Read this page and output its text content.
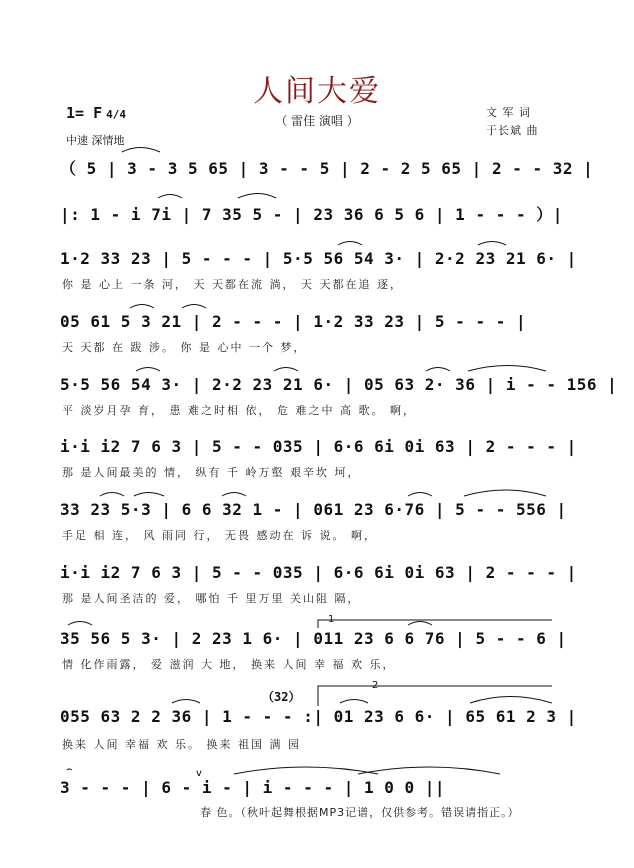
人间大爱
（ 雷佳 演唱 ）
1= F 4/4
中速 深情地
文 军 词
于长斌 曲
（ 5 | 3 - 3 5 65 | 3 - - 5 | 2 - 2 5 65 | 2 - - 32 |
|: 1 - i 7i | 7 35 5 - | 23 36 6 5 6 | 1 - - - ）|
1·2 33 23 | 5 - - - | 5·5 56 54 3· | 2·2 23 21 6· |
你 是 心上 一条 河， 天 天都在流 淌， 天 天都在追 逐，
05 61 5 3 21 | 2 - - - | 1·2 33 23 | 5 - - - |
天 天都 在 跋 涉。 你 是 心中 一个 梦，
5·5 56 54 3· | 2·2 23 21 6· | 05 63 2· 36 | i - - 156 |
平 淡岁月孕 育， 患 难之时相 依， 危 难之中 高 歌。 啊，
i·i i2 7 6 3 | 5 - - 035 | 6·6 6i 0i 63 | 2 - - - |
那 是人间最美的 情， 纵有 千 岭万壑 艰辛坎 坷，
33 23 5·3 | 6 6 32 1 - | 061 23 6·76 | 5 - - 556 |
手足 相 连， 风 雨同 行， 无畏 感动在 诉 说。 啊，
i·i i2 7 6 3 | 5 - - 035 | 6·6 6i 0i 63 | 2 - - - |
那 是人间圣洁的 爱， 哪怕 千 里万里 关山阻 隔，
1
35 56 5 3· | 2 23 1 6· | 011 23 6 6 76 | 5 - - 6 |
情 化作雨露， 爱 滋润 大 地， 换来 人间 幸 福 欢 乐，
（32）
2
055 63 2 2 36 | 1 - - - :| 01 23 6 6· | 65 61 2 3 |
换来 人间 幸福 欢 乐。 换来 祖国 满 园
3 - - - | 6 - i - | i - - - | 1 0 0 ||
春 色。（秋叶起舞根据MP3记谱，仅供参考。错误请指正。）
v
⌢
